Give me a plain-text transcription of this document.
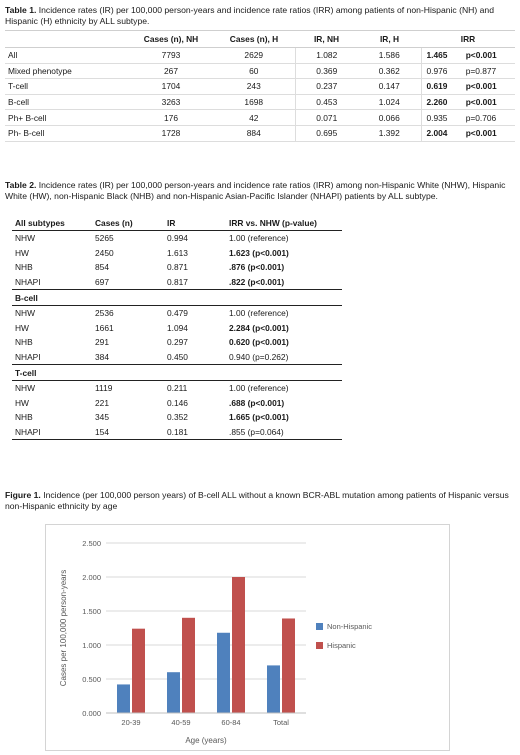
Table 1. Incidence rates (IR) per 100,000 person-years and incidence rate ratios (IRR) among patients of non-Hispanic (NH) and Hispanic (H) ethnicity by ALL subtype.
	Cases (n), NH	Cases (n), H	IR, NH	IR, H	IRR	
All	7793	2629	1.082	1.586	1.465	p<0.001
Mixed phenotype	267	60	0.369	0.362	0.976	p=0.877
T-cell	1704	243	0.237	0.147	0.619	p<0.001
B-cell	3263	1698	0.453	1.024	2.260	p<0.001
Ph+ B-cell	176	42	0.071	0.066	0.935	p=0.706
Ph- B-cell	1728	884	0.695	1.392	2.004	p<0.001
Table 2. Incidence rates (IR) per 100,000 person-years and incidence rate ratios (IRR) among non-Hispanic White (NHW), Hispanic White (HW), non-Hispanic Black (NHB) and non-Hispanic Asian-Pacific Islander (NHAPI) patients by ALL subtype.
All subtypes	Cases (n)	IR	IRR vs. NHW (p-value)
NHW	5265	0.994	1.00 (reference)
HW	2450	1.613	1.623 (p<0.001)
NHB	854	0.871	.876 (p<0.001)
NHAPI	697	0.817	.822 (p<0.001)
B-cell			
NHW	2536	0.479	1.00 (reference)
HW	1661	1.094	2.284 (p<0.001)
NHB	291	0.297	0.620 (p<0.001)
NHAPI	384	0.450	0.940 (p=0.262)
T-cell			
NHW	1119	0.211	1.00 (reference)
HW	221	0.146	.688 (p<0.001)
NHB	345	0.352	1.665 (p<0.001)
NHAPI	154	0.181	.855 (p=0.064)
Figure 1. Incidence (per 100,000 person years) of B-cell ALL without a known BCR-ABL mutation among patients of Hispanic versus non-Hispanic ethnicity by age
0.000
0.500
1.000
1.500
2.000
2.500
20-39	40-59	60-84	Total
Age (years)
Cases per 100,000 person-years	Non-Hispanic
Hispanic
